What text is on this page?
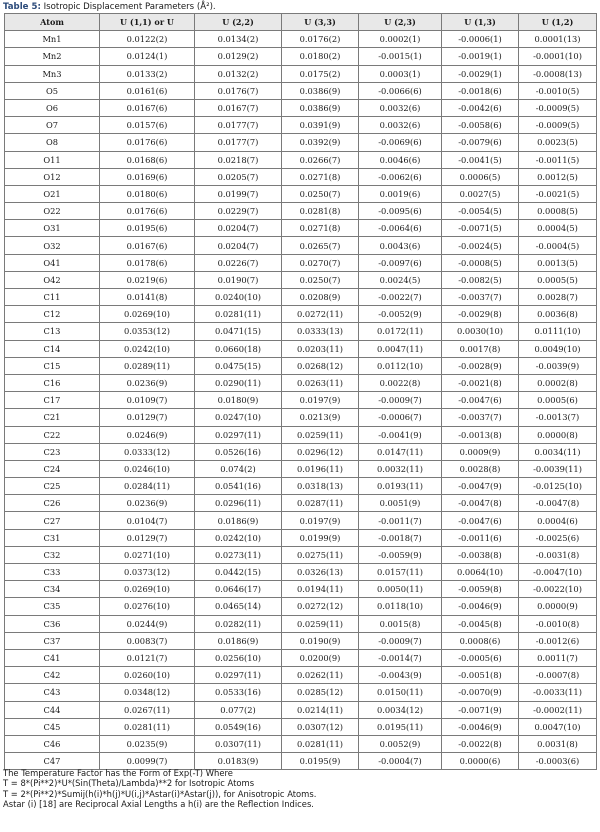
Table 5: Isotropic Displacement Parameters (Å²).
Atom	U (1,1) or U	U (2,2)	U (3,3)	U (2,3)	U (1,3)	U (1,2)
Mn1	0.0122(2)	0.0134(2)	0.0176(2)	0.0002(1)	-0.0006(1)	0.0001(13)
Mn2	0.0124(1)	0.0129(2)	0.0180(2)	-0.0015(1)	-0.0019(1)	-0.0001(10)
Mn3	0.0133(2)	0.0132(2)	0.0175(2)	0.0003(1)	-0.0029(1)	-0.0008(13)
O5	0.0161(6)	0.0176(7)	0.0386(9)	-0.0066(6)	-0.0018(6)	-0.0010(5)
O6	0.0167(6)	0.0167(7)	0.0386(9)	0.0032(6)	-0.0042(6)	-0.0009(5)
O7	0.0157(6)	0.0177(7)	0.0391(9)	0.0032(6)	-0.0058(6)	-0.0009(5)
O8	0.0176(6)	0.0177(7)	0.0392(9)	-0.0069(6)	-0.0079(6)	0.0023(5)
O11	0.0168(6)	0.0218(7)	0.0266(7)	0.0046(6)	-0.0041(5)	-0.0011(5)
O12	0.0169(6)	0.0205(7)	0.0271(8)	-0.0062(6)	0.0006(5)	0.0012(5)
O21	0.0180(6)	0.0199(7)	0.0250(7)	0.0019(6)	0.0027(5)	-0.0021(5)
O22	0.0176(6)	0.0229(7)	0.0281(8)	-0.0095(6)	-0.0054(5)	0.0008(5)
O31	0.0195(6)	0.0204(7)	0.0271(8)	-0.0064(6)	-0.0071(5)	0.0004(5)
O32	0.0167(6)	0.0204(7)	0.0265(7)	0.0043(6)	-0.0024(5)	-0.0004(5)
O41	0.0178(6)	0.0226(7)	0.0270(7)	-0.0097(6)	-0.0008(5)	0.0013(5)
O42	0.0219(6)	0.0190(7)	0.0250(7)	0.0024(5)	-0.0082(5)	0.0005(5)
C11	0.0141(8)	0.0240(10)	0.0208(9)	-0.0022(7)	-0.0037(7)	0.0028(7)
C12	0.0269(10)	0.0281(11)	0.0272(11)	-0.0052(9)	-0.0029(8)	0.0036(8)
C13	0.0353(12)	0.0471(15)	0.0333(13)	0.0172(11)	0.0030(10)	0.0111(10)
C14	0.0242(10)	0.0660(18)	0.0203(11)	0.0047(11)	0.0017(8)	0.0049(10)
C15	0.0289(11)	0.0475(15)	0.0268(12)	0.0112(10)	-0.0028(9)	-0.0039(9)
C16	0.0236(9)	0.0290(11)	0.0263(11)	0.0022(8)	-0.0021(8)	0.0002(8)
C17	0.0109(7)	0.0180(9)	0.0197(9)	-0.0009(7)	-0.0047(6)	0.0005(6)
C21	0.0129(7)	0.0247(10)	0.0213(9)	-0.0006(7)	-0.0037(7)	-0.0013(7)
C22	0.0246(9)	0.0297(11)	0.0259(11)	-0.0041(9)	-0.0013(8)	0.0000(8)
C23	0.0333(12)	0.0526(16)	0.0296(12)	0.0147(11)	0.0009(9)	0.0034(11)
C24	0.0246(10)	0.074(2)	0.0196(11)	0.0032(11)	0.0028(8)	-0.0039(11)
C25	0.0284(11)	0.0541(16)	0.0318(13)	0.0193(11)	-0.0047(9)	-0.0125(10)
C26	0.0236(9)	0.0296(11)	0.0287(11)	0.0051(9)	-0.0047(8)	-0.0047(8)
C27	0.0104(7)	0.0186(9)	0.0197(9)	-0.0011(7)	-0.0047(6)	0.0004(6)
C31	0.0129(7)	0.0242(10)	0.0199(9)	-0.0018(7)	-0.0011(6)	-0.0025(6)
C32	0.0271(10)	0.0273(11)	0.0275(11)	-0.0059(9)	-0.0038(8)	-0.0031(8)
C33	0.0373(12)	0.0442(15)	0.0326(13)	0.0157(11)	0.0064(10)	-0.0047(10)
C34	0.0269(10)	0.0646(17)	0.0194(11)	0.0050(11)	-0.0059(8)	-0.0022(10)
C35	0.0276(10)	0.0465(14)	0.0272(12)	0.0118(10)	-0.0046(9)	0.0000(9)
C36	0.0244(9)	0.0282(11)	0.0259(11)	0.0015(8)	-0.0045(8)	-0.0010(8)
C37	0.0083(7)	0.0186(9)	0.0190(9)	-0.0009(7)	0.0008(6)	-0.0012(6)
C41	0.0121(7)	0.0256(10)	0.0200(9)	-0.0014(7)	-0.0005(6)	0.0011(7)
C42	0.0260(10)	0.0297(11)	0.0262(11)	-0.0043(9)	-0.0051(8)	-0.0007(8)
C43	0.0348(12)	0.0533(16)	0.0285(12)	0.0150(11)	-0.0070(9)	-0.0033(11)
C44	0.0267(11)	0.077(2)	0.0214(11)	0.0034(12)	-0.0071(9)	-0.0002(11)
C45	0.0281(11)	0.0549(16)	0.0307(12)	0.0195(11)	-0.0046(9)	0.0047(10)
C46	0.0235(9)	0.0307(11)	0.0281(11)	0.0052(9)	-0.0022(8)	0.0031(8)
C47	0.0099(7)	0.0183(9)	0.0195(9)	-0.0004(7)	0.0000(6)	-0.0003(6)
The Temperature Factor has the Form of Exp(-T) Where
T = 8*(Pi**2)*U*(Sin(Theta)/Lambda)**2 for Isotropic Atoms
T = 2*(Pi**2)*Sumij(h(i)*h(j)*U(i,j)*Astar(i)*Astar(j)), for Anisotropic Atoms.
Astar (i) [18] are Reciprocal Axial Lengths a h(i) are the Reflection Indices.
